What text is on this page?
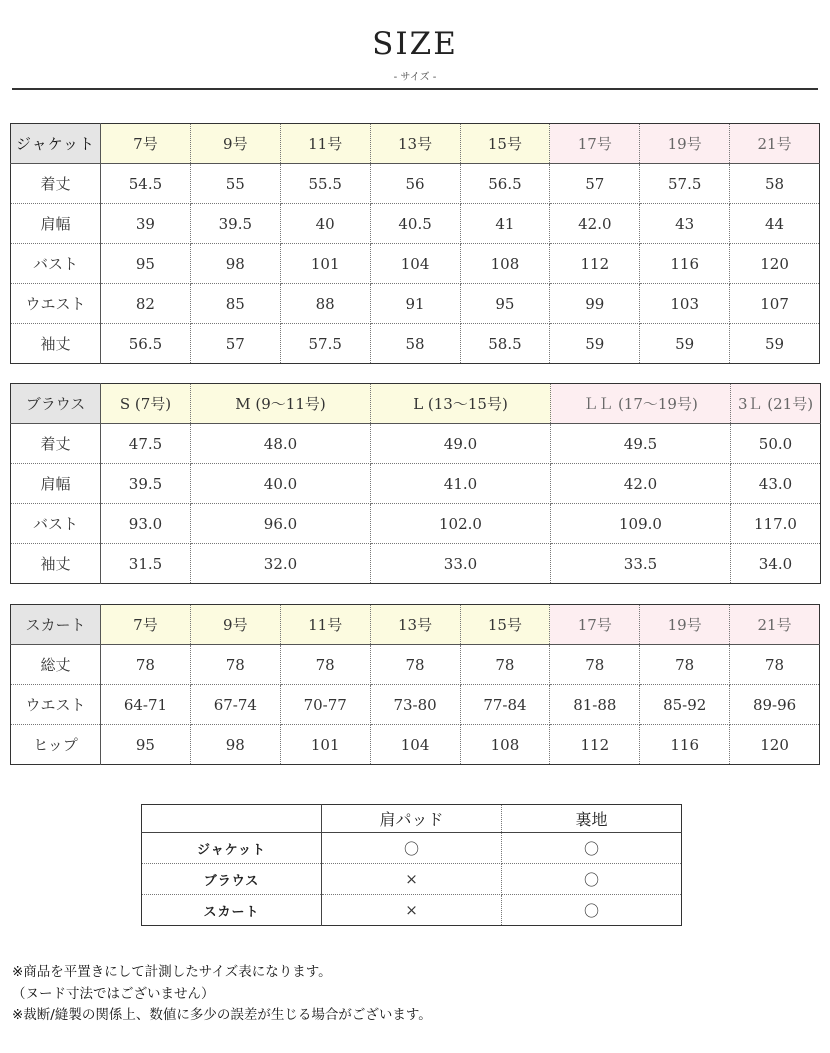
SIZE
- サイズ -
ジャケット	7号	9号	11号	13号	15号	17号	19号	21号
着丈	54.5	55	55.5	56	56.5	57	57.5	58
肩幅	39	39.5	40	40.5	41	42.0	43	44
バスト	95	98	101	104	108	112	116	120
ウエスト	82	85	88	91	95	99	103	107
袖丈	56.5	57	57.5	58	58.5	59	59	59
ブラウス	S (7号)	M (9～11号)	L (13～15号)	ＬＬ (17～19号)	3Ｌ (21号)
着丈	47.5	48.0	49.0	49.5	50.0
肩幅	39.5	40.0	41.0	42.0	43.0
バスト	93.0	96.0	102.0	109.0	117.0
袖丈	31.5	32.0	33.0	33.5	34.0
スカート	7号	9号	11号	13号	15号	17号	19号	21号
総丈	78	78	78	78	78	78	78	78
ウエスト	64-71	67-74	70-77	73-80	77-84	81-88	85-92	89-96
ヒップ	95	98	101	104	108	112	116	120
	肩パッド	裏地
ジャケット	〇	〇
ブラウス	×	〇
スカート	×	〇
※商品を平置きにして計測したサイズ表になります。
（ヌード寸法ではございません）
※裁断/縫製の関係上、数値に多少の誤差が生じる場合がございます。
